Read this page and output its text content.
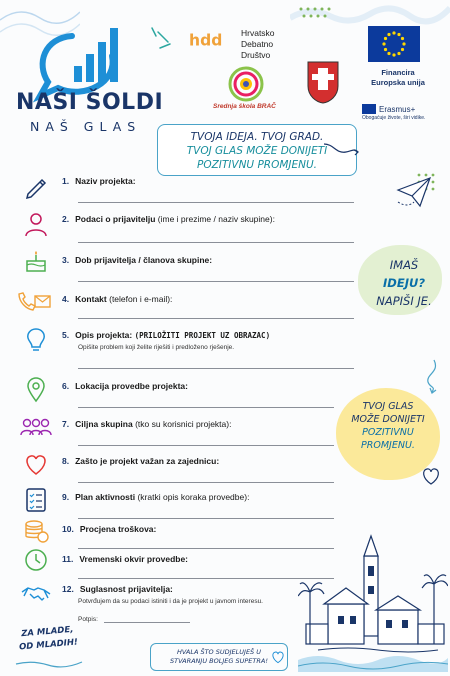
NAŠI ŠOLDI
NAŠ GLAS
hdd Hrvatsko
Debatno
Društvo
Srednja škola BRAČ
Financira
Europska unija
Erasmus+
Obogaćuje živote, širi vidike.
TVOJA IDEJA. TVOJ GRAD.
TVOJ GLAS MOŽE DONIJETI
POZITIVNU PROMJENU.
IMAŠ
IDEJU?
NAPIŠI JE.
TVOJ GLAS
MOŽE DONIJETI
POZITIVNU
PROMJENU.
1. Naziv projekta:
2. Podaci o prijavitelju (ime i prezime / naziv skupine):
3. Dob prijavitelja / članova skupine:
4. Kontakt (telefon i e-mail):
5. Opis projekta: (PRILOŽITI PROJEKT UZ OBRAZAC)
Opišite problem koji želite riješiti i predloženo rješenje.
6. Lokacija provedbe projekta:
7. Ciljna skupina (tko su korisnici projekta):
8. Zašto je projekt važan za zajednicu:
9. Plan aktivnosti (kratki opis koraka provedbe):
10. Procjena troškova:
11. Vremenski okvir provedbe:
12. Suglasnost prijavitelja:
Potvrđujem da su podaci istiniti i da je projekt u javnom interesu.
Potpis:
ZA MLADE,
OD MLADIH!	HVALA ŠTO SUDJELUJEŠ U
STVARANJU BOLJEG SUPETRA!
